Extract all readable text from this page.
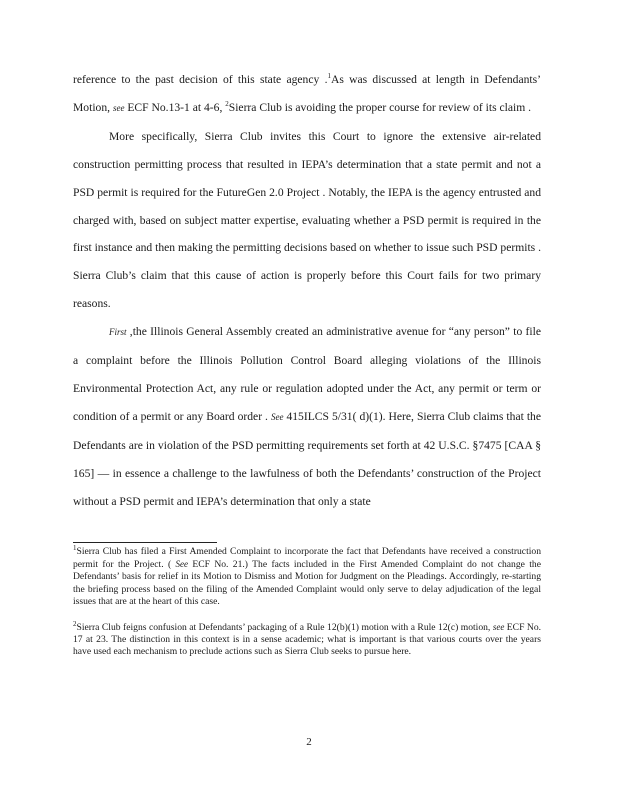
reference to the past decision of this state agency .$^1$As was discussed at length in Defendants’ Motion, see ECF No.13-1 at 4-6, $^2$Sierra Club is avoiding the proper course for review of its claim .

More specifically, Sierra Club invites this Court to ignore the extensive air-related construction permitting process that resulted in IEPA’s determination that a state permit and not a PSD permit is required for the FutureGen 2.0 Project . Notably, the IEPA is the agency entrusted and charged with, based on subject matter expertise, evaluating whether a PSD permit is required in the first instance and then making the permitting decisions based on whether to issue such PSD permits . Sierra Club’s claim that this cause of action is properly before this Court fails for two primary reasons.

First ,the Illinois General Assembly created an administrative avenue for “any person” to file a complaint before the Illinois Pollution Control Board alleging violations of the Illinois Environmental Protection Act, any rule or regulation adopted under the Act, any permit or term or condition of a permit or any Board order . See 415ILCS 5/31( d)(1). Here, Sierra Club claims that the Defendants are in violation of the PSD permitting requirements set forth at 42 U.S.C. §7475 [CAA § 165] — in essence a challenge to the lawfulness of both the Defendants’ construction of the Project without a PSD permit and IEPA’s determination that only a state

$^1$Sierra Club has filed a First Amended Complaint to incorporate the fact that Defendants have received a construction permit for the Project. ( See ECF No. 21.) The facts included in the First Amended Complaint do not change the Defendants’ basis for relief in its Motion to Dismiss and Motion for Judgment on the Pleadings. Accordingly, re-starting the briefing process based on the filing of the Amended Complaint would only serve to delay adjudication of the legal issues that are at the heart of this case.

$^2$Sierra Club feigns confusion at Defendants’ packaging of a Rule 12(b)(1) motion with a Rule 12(c) motion, see ECF No. 17 at 23. The distinction in this context is in a sense academic; what is important is that various courts over the years have used each mechanism to preclude actions such as Sierra Club seeks to pursue here.

2
